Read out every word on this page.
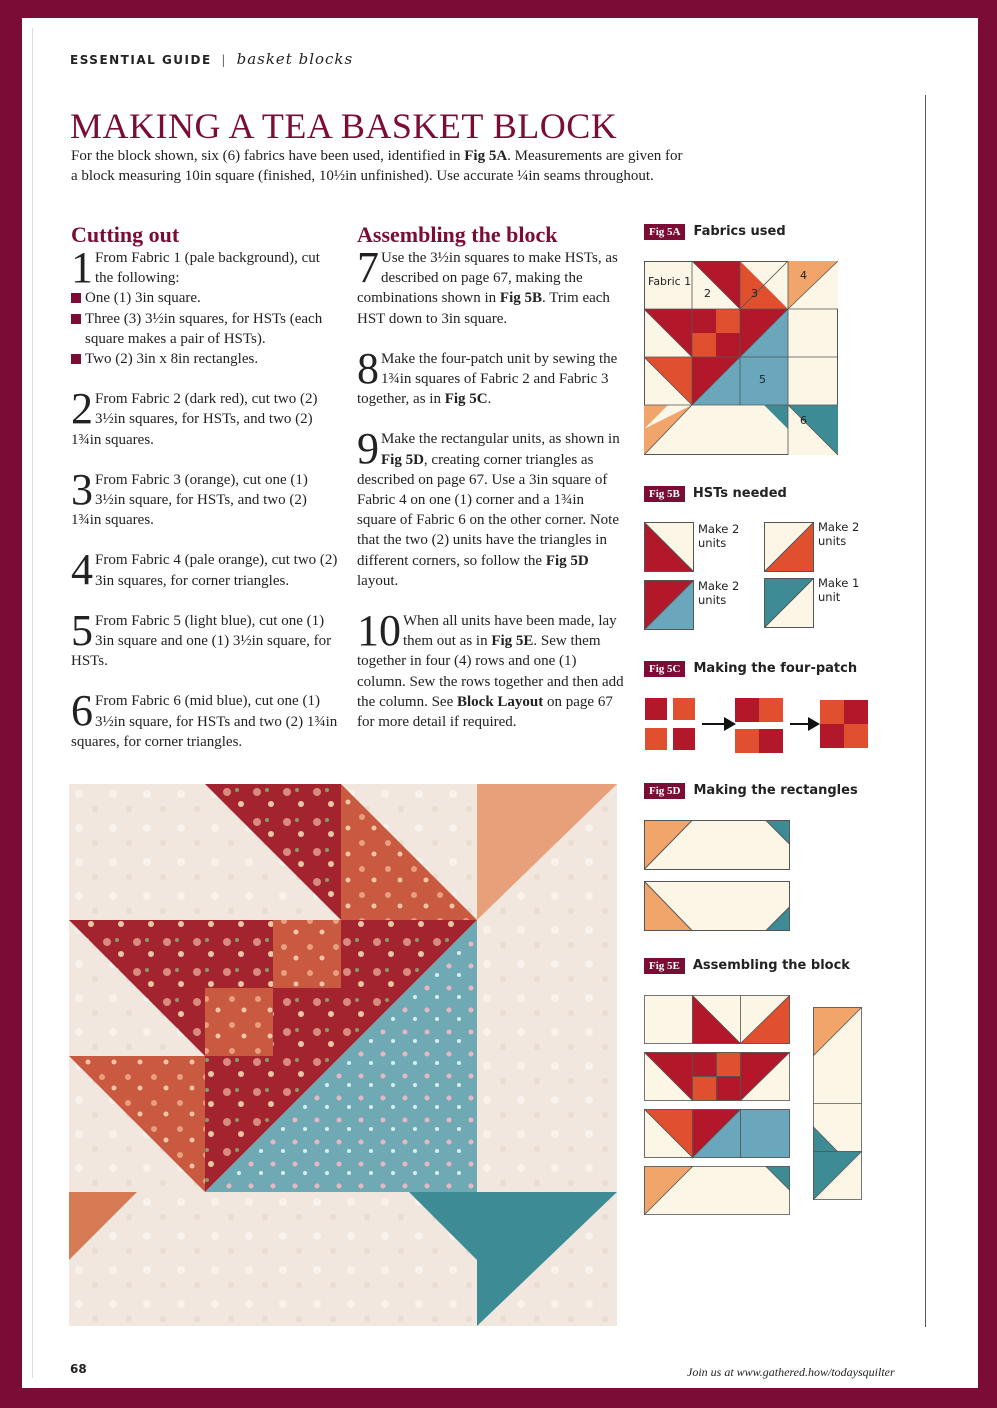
ESSENTIAL GUIDE | basket blocks
MAKING A TEA BASKET BLOCK
For the block shown, six (6) fabrics have been used, identified in Fig 5A. Measurements are given for a block measuring 10in square (finished, 10½in unfinished). Use accurate ¼in seams throughout.
Cutting out
1 From Fabric 1 (pale background), cut the following:
One (1) 3in square.
Three (3) 3½in squares, for HSTs (each square makes a pair of HSTs).
Two (2) 3in x 8in rectangles.
2 From Fabric 2 (dark red), cut two (2) 3½in squares, for HSTs, and two (2) 1¾in squares.
3 From Fabric 3 (orange), cut one (1) 3½in square, for HSTs, and two (2) 1¾in squares.
4 From Fabric 4 (pale orange), cut two (2) 3in squares, for corner triangles.
5 From Fabric 5 (light blue), cut one (1) 3in square and one (1) 3½in square, for HSTs.
6 From Fabric 6 (mid blue), cut one (1) 3½in square, for HSTs and two (2) 1¾in squares, for corner triangles.
Assembling the block
7 Use the 3½in squares to make HSTs, as described on page 67, making the combinations shown in Fig 5B. Trim each HST down to 3in square.
8 Make the four-patch unit by sewing the 1¾in squares of Fabric 2 and Fabric 3 together, as in Fig 5C.
9 Make the rectangular units, as shown in Fig 5D, creating corner triangles as described on page 67. Use a 3in square of Fabric 4 on one (1) corner and a 1¾in square of Fabric 6 on the other corner. Note that the two (2) units have the triangles in different corners, so follow the Fig 5D layout.
10 When all units have been made, lay them out as in Fig 5E. Sew them together in four (4) rows and one (1) column. Sew the rows together and then add the column. See Block Layout on page 67 for more detail if required.
Fig 5A Fabrics used
Fabric 1
2	3
4
5
6
Fig 5B HSTs needed
Make 2 units
Make 2 units
Make 2 units
Make 1 unit
Fig 5C Making the four-patch
Fig 5D Making the rectangles
Fig 5E Assembling the block
68	Join us at www.gathered.how/todaysquilter
